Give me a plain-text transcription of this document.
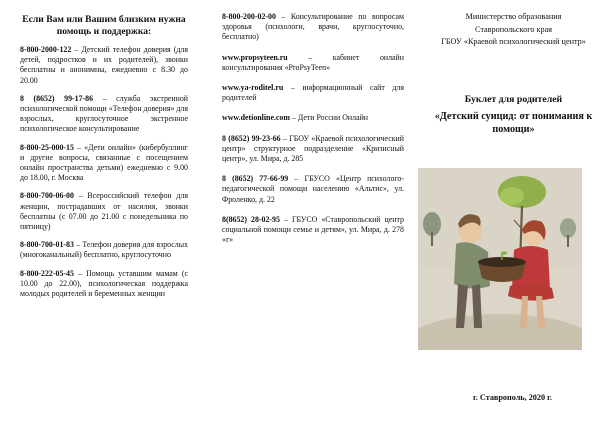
Если Вам или Вашим близким нужна помощь и поддержка:
8-800-2000-122 – Детский телефон доверия (для детей, подростков и их родителей), звонки бесплатны и анонимны, ежедневно с 8.30 до 20.00
8 (8652) 99-17-86 – служба экстренной психологической помощи «Телефон доверия» для взрослых, круглосуточное экстренное психологическое консультирование
8-800-25-000-15 – «Дети онлайн» (кибербуллинг и другие вопросы, связанные с посещением онлайн пространства детьми) ежедневно с 9.00 до 18.00, г. Москва
8-800-700-06-00 – Всероссийский телефон для женщин, пострадавших от насилия, звонки бесплатны (с 07.00 до 21.00 с понедельника по пятницу)
8-800-700-01-83 – Телефон доверия для взрослых (многоканальный) бесплатно, круглосуточно
8-800-222-05-45 – Помощь уставшим мамам (с 10.00 до 22.00), психологическая поддержка молодых родителей и беременных женщин
8-800-200-02-00 – Консультирование по вопросам здоровья (психологи, врачи, круглосуточно, бесплатно)
www.propsyteen.ru – кабинет онлайн консультирования «ProPsyTeen»
www.ya-roditel.ru – информационный сайт для родителей
www.detionline.com – Дети России Онлайн
8 (8652) 99-23-66 – ГБОУ «Краевой психологический центр» структурное подразделение «Кризисный центр», ул. Мира, д. 285
8 (8652) 77-66-99 – ГБУСО «Центр психолого-педагогической помощи населению «Альтис», ул. Фроленко, д. 22
8(8652) 28-02-95 – ГБУСО «Ставропольский центр социальной помощи семье и детям», ул. Мира, д. 278 «г»
Министерство образования
Ставропольского края
ГБОУ «Краевой психологический центр»
Буклет для родителей
«Детский суицид: от понимания к помощи»
г. Ставрополь, 2020 г.
